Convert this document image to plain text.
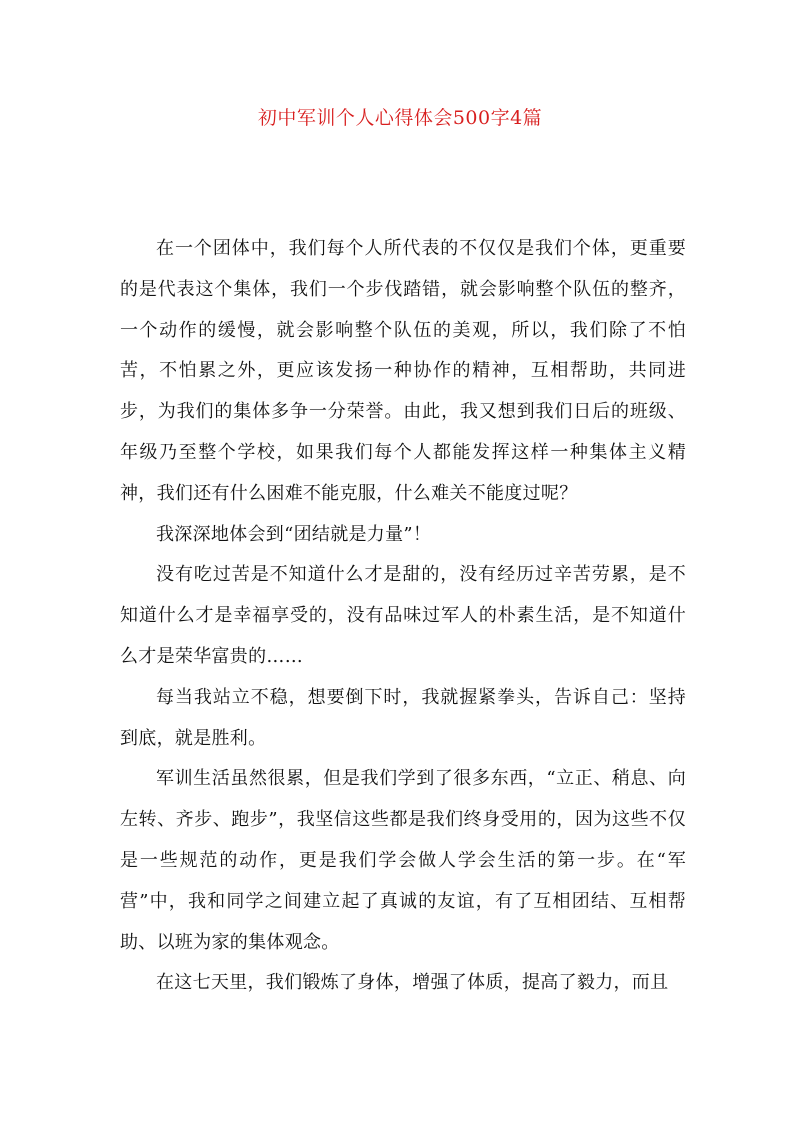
初中军训个人心得体会500字4篇

在一个团体中，我们每个人所代表的不仅仅是我们个体，更重要的是代表这个集体，我们一个步伐踏错，就会影响整个队伍的整齐，一个动作的缓慢，就会影响整个队伍的美观，所以，我们除了不怕苦，不怕累之外，更应该发扬一种协作的精神，互相帮助，共同进步，为我们的集体多争一分荣誉。由此，我又想到我们日后的班级、年级乃至整个学校，如果我们每个人都能发挥这样一种集体主义精神，我们还有什么困难不能克服，什么难关不能度过呢？

我深深地体会到“团结就是力量”！

没有吃过苦是不知道什么才是甜的，没有经历过辛苦劳累，是不知道什么才是幸福享受的，没有品味过军人的朴素生活，是不知道什么才是荣华富贵的……

每当我站立不稳，想要倒下时，我就握紧拳头，告诉自己：坚持到底，就是胜利。

军训生活虽然很累，但是我们学到了很多东西，“立正、稍息、向左转、齐步、跑步”，我坚信这些都是我们终身受用的，因为这些不仅是一些规范的动作，更是我们学会做人学会生活的第一步。在“军营”中，我和同学之间建立起了真诚的友谊，有了互相团结、互相帮助、以班为家的集体观念。

在这七天里，我们锻炼了身体，增强了体质，提高了毅力，而且
